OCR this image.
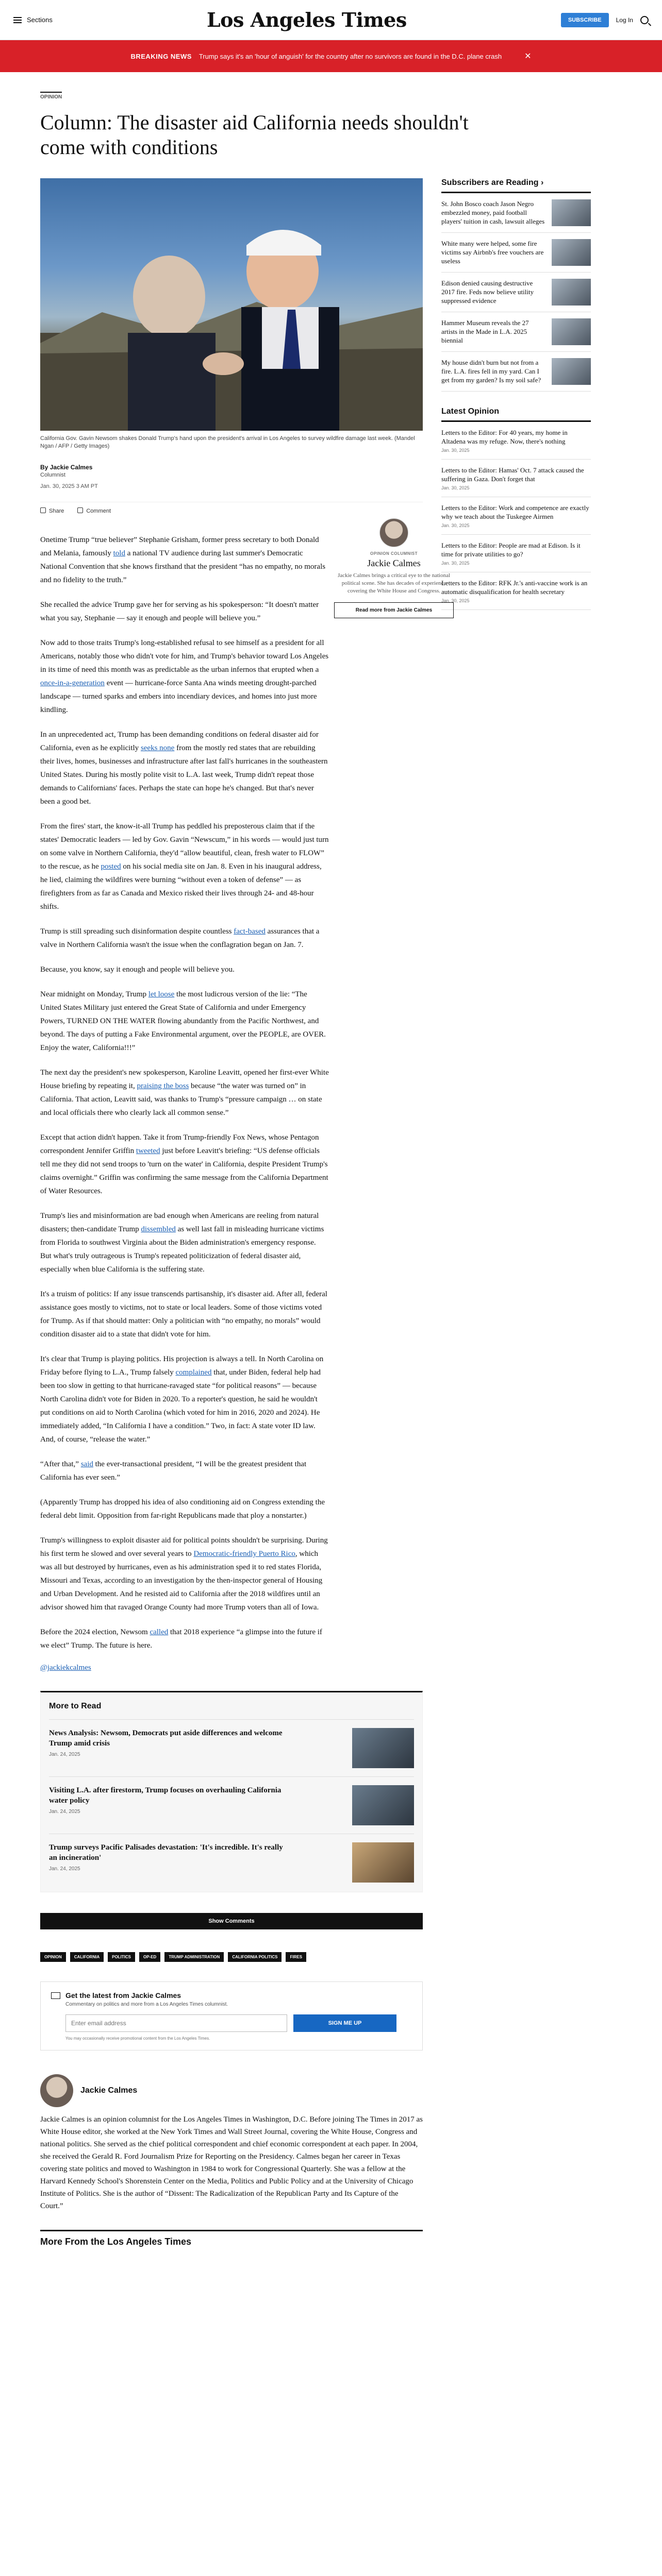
Sections	Los Angeles Times	SUBSCRIBE	Log In
BREAKING NEWS Trump says it's an 'hour of anguish' for the country after no survivors are found in the D.C. plane crash	✕
OPINION
Column: The disaster aid California needs shouldn't come with conditions
California Gov. Gavin Newsom shakes Donald Trump's hand upon the president's arrival in Los Angeles to survey wildfire damage last week. (Mandel Ngan / AFP / Getty Images)
By Jackie Calmes
Columnist
Jan. 30, 2025 3 AM PT
Share	Comment
OPINION COLUMNIST
Jackie Calmes
Jackie Calmes brings a critical eye to the national political scene. She has decades of experience covering the White House and Congress.
Read more from Jackie Calmes

Onetime Trump “true believer” Stephanie Grisham, former press secretary to both Donald and Melania, famously told a national TV audience during last summer's Democratic National Convention that she knows firsthand that the president “has no empathy, no morals and no fidelity to the truth.”

She recalled the advice Trump gave her for serving as his spokesperson: “It doesn't matter what you say, Stephanie — say it enough and people will believe you.”

Now add to those traits Trump's long-established refusal to see himself as a president for all Americans, notably those who didn't vote for him, and Trump's behavior toward Los Angeles in its time of need this month was as predictable as the urban infernos that erupted when a once-in-a-generation event — hurricane-force Santa Ana winds meeting drought-parched landscape — turned sparks and embers into incendiary devices, and homes into just more kindling.

In an unprecedented act, Trump has been demanding conditions on federal disaster aid for California, even as he explicitly seeks none from the mostly red states that are rebuilding their lives, homes, businesses and infrastructure after last fall's hurricanes in the southeastern United States. During his mostly polite visit to L.A. last week, Trump didn't repeat those demands to Californians' faces. Perhaps the state can hope he's changed. But that's never been a good bet.

From the fires' start, the know-it-all Trump has peddled his preposterous claim that if the states' Democratic leaders — led by Gov. Gavin “Newscum,” in his words — would just turn on some valve in Northern California, they'd “allow beautiful, clean, fresh water to FLOW” to the rescue, as he posted on his social media site on Jan. 8. Even in his inaugural address, he lied, claiming the wildfires were burning “without even a token of defense” — as firefighters from as far as Canada and Mexico risked their lives through 24- and 48-hour shifts.

Trump is still spreading such disinformation despite countless fact-based assurances that a valve in Northern California wasn't the issue when the conflagration began on Jan. 7.

Because, you know, say it enough and people will believe you.

Near midnight on Monday, Trump let loose the most ludicrous version of the lie: “The United States Military just entered the Great State of California and under Emergency Powers, TURNED ON THE WATER flowing abundantly from the Pacific Northwest, and beyond. The days of putting a Fake Environmental argument, over the PEOPLE, are OVER. Enjoy the water, California!!!”

The next day the president's new spokesperson, Karoline Leavitt, opened her first-ever White House briefing by repeating it, praising the boss because “the water was turned on” in California. That action, Leavitt said, was thanks to Trump's “pressure campaign … on state and local officials there who clearly lack all common sense.”

Except that action didn't happen. Take it from Trump-friendly Fox News, whose Pentagon correspondent Jennifer Griffin tweeted just before Leavitt's briefing: “US defense officials tell me they did not send troops to 'turn on the water' in California, despite President Trump's claims overnight.” Griffin was confirming the same message from the California Department of Water Resources.

Trump's lies and misinformation are bad enough when Americans are reeling from natural disasters; then-candidate Trump dissembled as well last fall in misleading hurricane victims from Florida to southwest Virginia about the Biden administration's emergency response. But what's truly outrageous is Trump's repeated politicization of federal disaster aid, especially when blue California is the suffering state.

It's a truism of politics: If any issue transcends partisanship, it's disaster aid. After all, federal assistance goes mostly to victims, not to state or local leaders. Some of those victims voted for Trump. As if that should matter: Only a politician with “no empathy, no morals” would condition disaster aid to a state that didn't vote for him.

It's clear that Trump is playing politics. His projection is always a tell. In North Carolina on Friday before flying to L.A., Trump falsely complained that, under Biden, federal help had been too slow in getting to that hurricane-ravaged state “for political reasons” — because North Carolina didn't vote for Biden in 2020. To a reporter's question, he said he wouldn't put conditions on aid to North Carolina (which voted for him in 2016, 2020 and 2024). He immediately added, “In California I have a condition.” Two, in fact: A state voter ID law. And, of course, “release the water.”

“After that,” said the ever-transactional president, “I will be the greatest president that California has ever seen.”

(Apparently Trump has dropped his idea of also conditioning aid on Congress extending the federal debt limit. Opposition from far-right Republicans made that ploy a nonstarter.)

Trump's willingness to exploit disaster aid for political points shouldn't be surprising. During his first term he slowed and over several years to Democratic-friendly Puerto Rico, which was all but destroyed by hurricanes, even as his administration sped it to red states Florida, Missouri and Texas, according to an investigation by the then-inspector general of Housing and Urban Development. And he resisted aid to California after the 2018 wildfires until an advisor showed him that ravaged Orange County had more Trump voters than all of Iowa.

Before the 2024 election, Newsom called that 2018 experience “a glimpse into the future if we elect” Trump. The future is here.

@jackiekcalmes

More to Read
News Analysis: Newsom, Democrats put aside differences and welcome Trump amid crisis
Jan. 24, 2025
Visiting L.A. after firestorm, Trump focuses on overhauling California water policy
Jan. 24, 2025
Trump surveys Pacific Palisades devastation: 'It's incredible. It's really an incineration'
Jan. 24, 2025
Show Comments
OPINION	CALIFORNIA	POLITICS	OP-ED	TRUMP ADMINISTRATION	CALIFORNIA POLITICS	FIRES
Get the latest from Jackie Calmes
Commentary on politics and more from a Los Angeles Times columnist.
Enter email address
SIGN ME UP
You may occasionally receive promotional content from the Los Angeles Times.
Jackie Calmes

Jackie Calmes is an opinion columnist for the Los Angeles Times in Washington, D.C. Before joining The Times in 2017 as White House editor, she worked at the New York Times and Wall Street Journal, covering the White House, Congress and national politics. She served as the chief political correspondent and chief economic correspondent at each paper. In 2004, she received the Gerald R. Ford Journalism Prize for Reporting on the Presidency. Calmes began her career in Texas covering state politics and moved to Washington in 1984 to work for Congressional Quarterly. She was a fellow at the Harvard Kennedy School's Shorenstein Center on the Media, Politics and Public Policy and at the University of Chicago Institute of Politics. She is the author of “Dissent: The Radicalization of the Republican Party and Its Capture of the Court.”

More From the Los Angeles Times
Subscribers are Reading ›
St. John Bosco coach Jason Negro embezzled money, paid football players' tuition in cash, lawsuit alleges
White many were helped, some fire victims say Airbnb's free vouchers are useless
Edison denied causing destructive 2017 fire. Feds now believe utility suppressed evidence
Hammer Museum reveals the 27 artists in the Made in L.A. 2025 biennial
My house didn't burn but not from a fire. L.A. fires fell in my yard. Can I get from my garden? Is my soil safe?
Latest Opinion
Letters to the Editor: For 40 years, my home in Altadena was my refuge. Now, there's nothing
Jan. 30, 2025
Letters to the Editor: Hamas' Oct. 7 attack caused the suffering in Gaza. Don't forget that
Jan. 30, 2025
Letters to the Editor: Work and competence are exactly why we teach about the Tuskegee Airmen
Jan. 30, 2025
Letters to the Editor: People are mad at Edison. Is it time for private utilities to go?
Jan. 30, 2025
Letters to the Editor: RFK Jr.'s anti-vaccine work is an automatic disqualification for health secretary
Jan. 30, 2025
